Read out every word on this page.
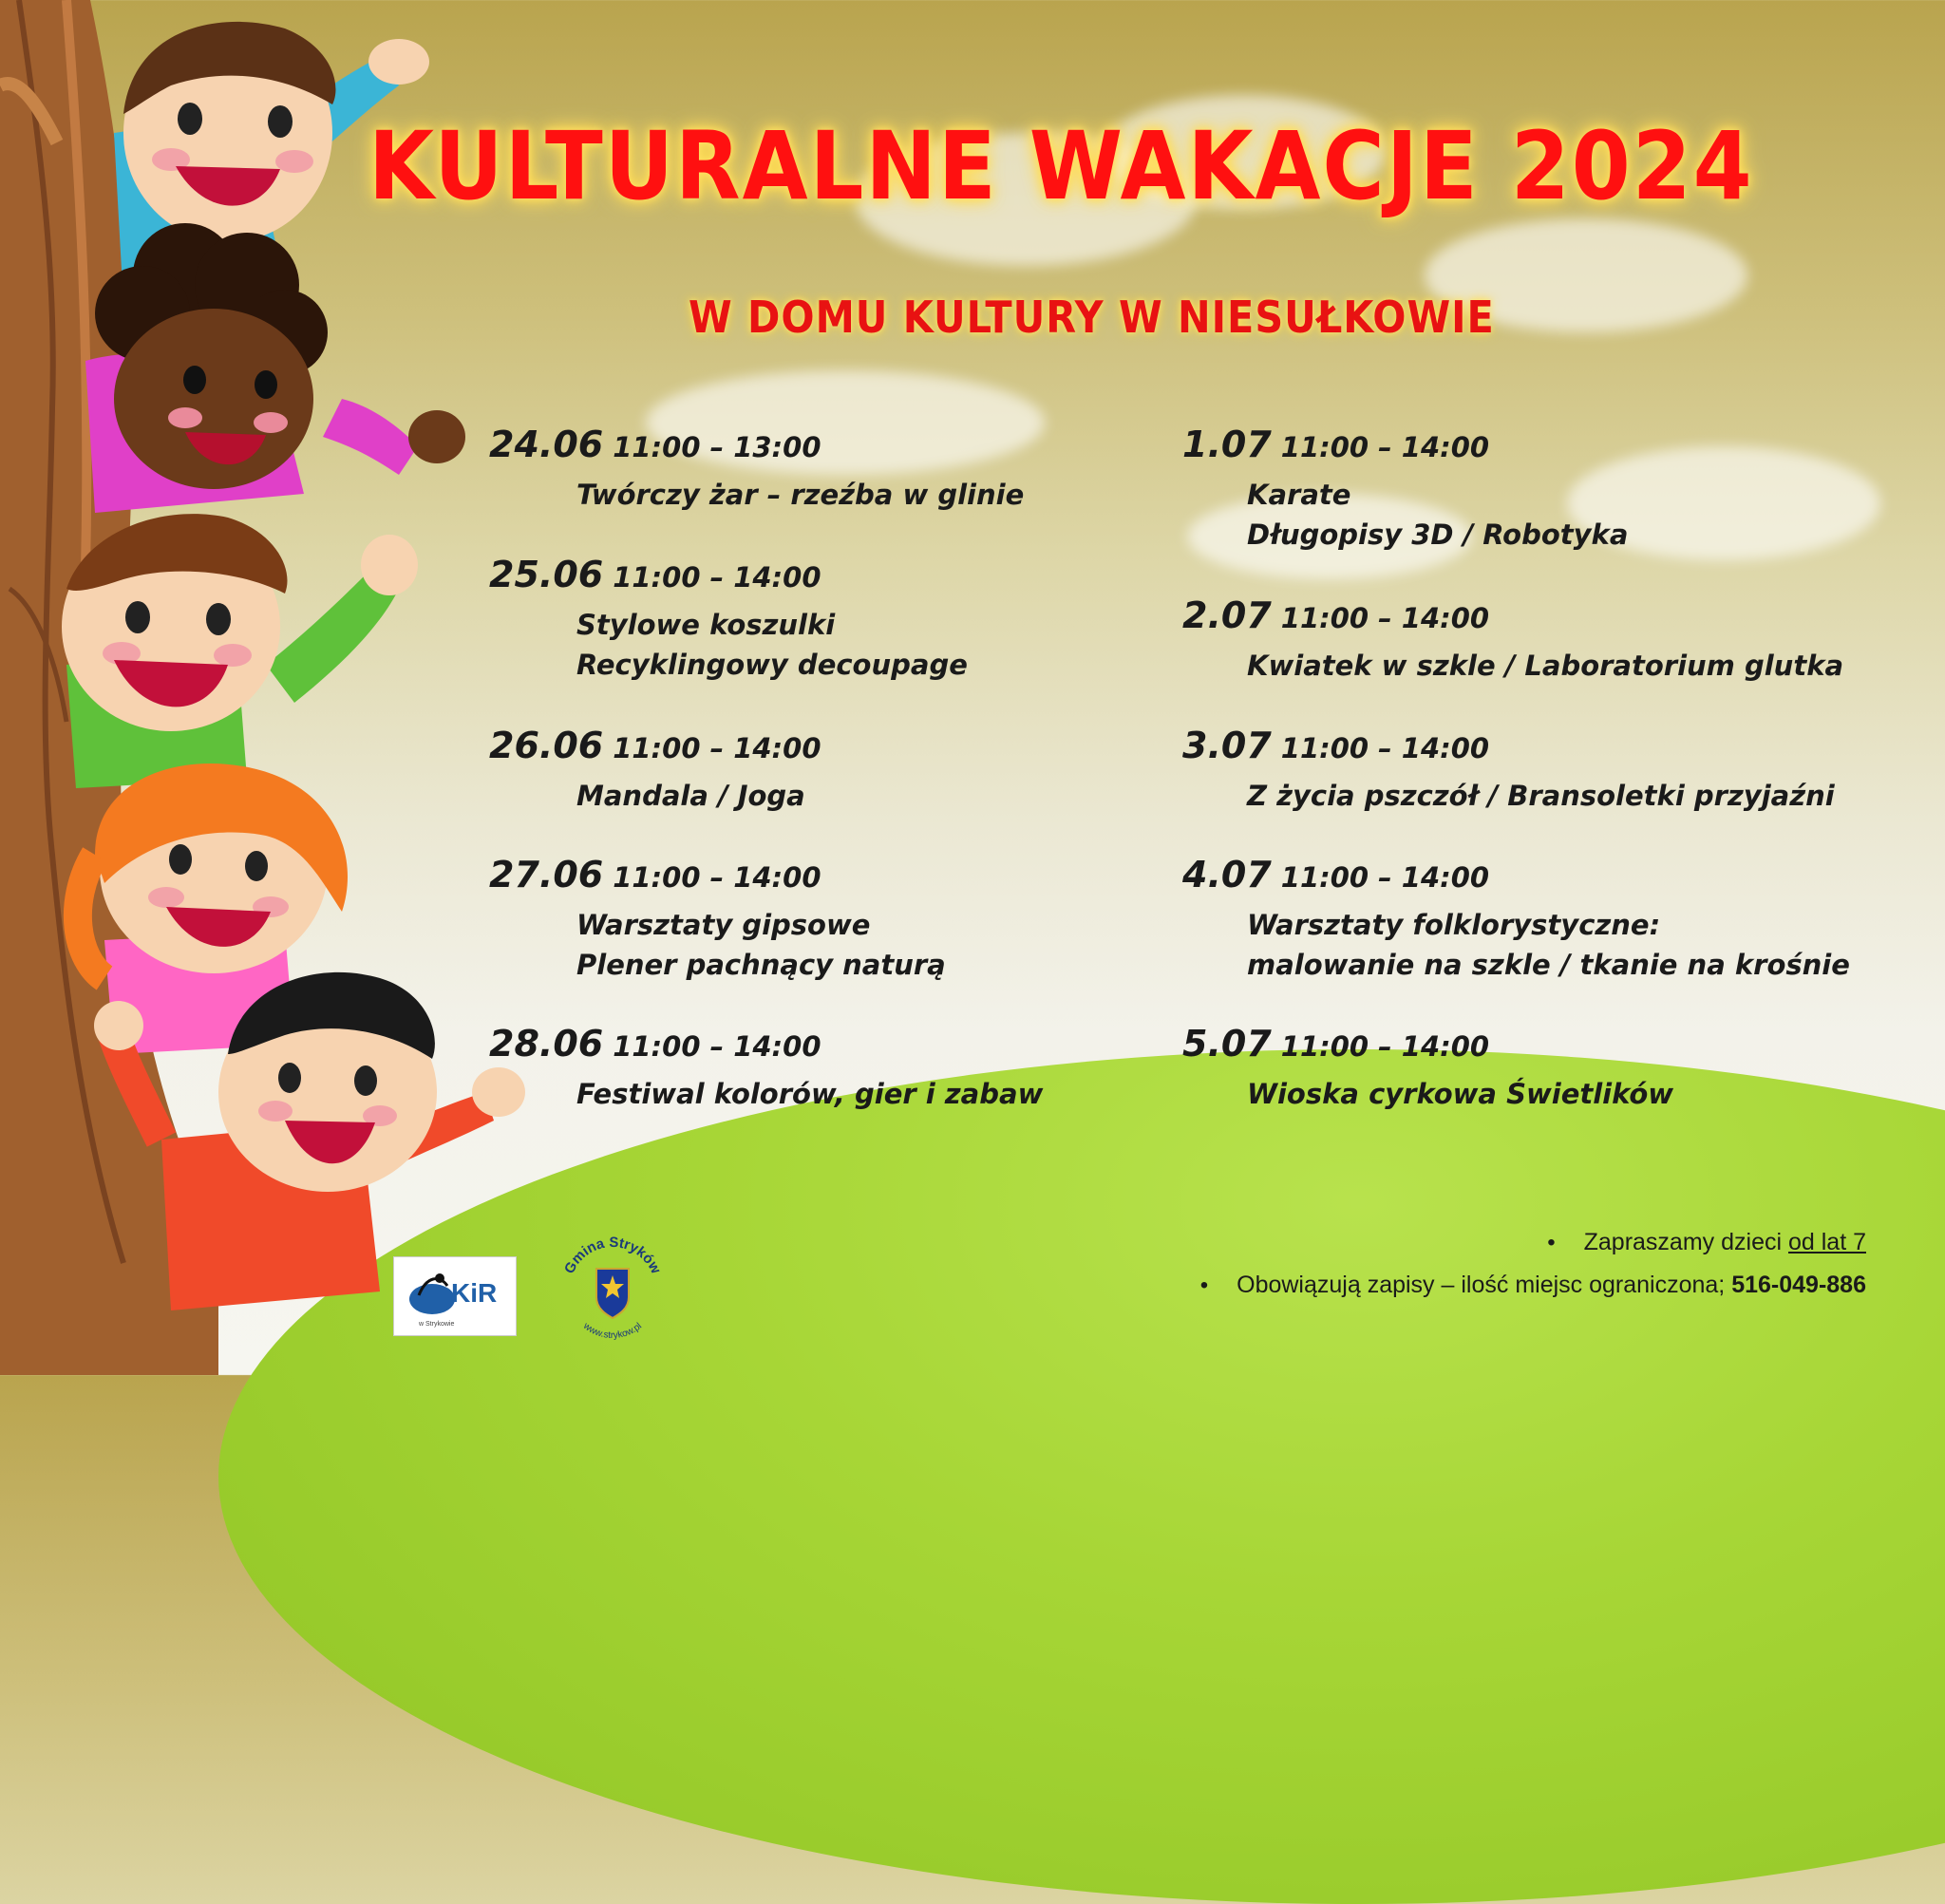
KULTURALNE WAKACJE 2024
W DOMU KULTURY W NIESUŁKOWIE
24.06 11:00 – 13:00
Twórczy żar – rzeźba w glinie
25.06 11:00 – 14:00
Stylowe koszulki
Recyklingowy decoupage
26.06 11:00 – 14:00
Mandala / Joga
27.06 11:00 – 14:00
Warsztaty gipsowe
Plener pachnący naturą
28.06 11:00 – 14:00
Festiwal kolorów, gier i zabaw
1.07 11:00 – 14:00
Karate
Długopisy 3D / Robotyka
2.07 11:00 – 14:00
Kwiatek w szkle / Laboratorium glutka
3.07 11:00 – 14:00
Z życia pszczół / Bransoletki przyjaźni
4.07 11:00 – 14:00
Warsztaty folklorystyczne:
malowanie na szkle / tkanie na krośnie
5.07 11:00 – 14:00
Wioska cyrkowa Świetlików
• Zapraszamy dzieci od lat 7
• Obowiązują zapisy – ilość miejsc ograniczona; 516-049-886
w Strykowie
KiR
Gmina Stryków
www.strykow.pl
